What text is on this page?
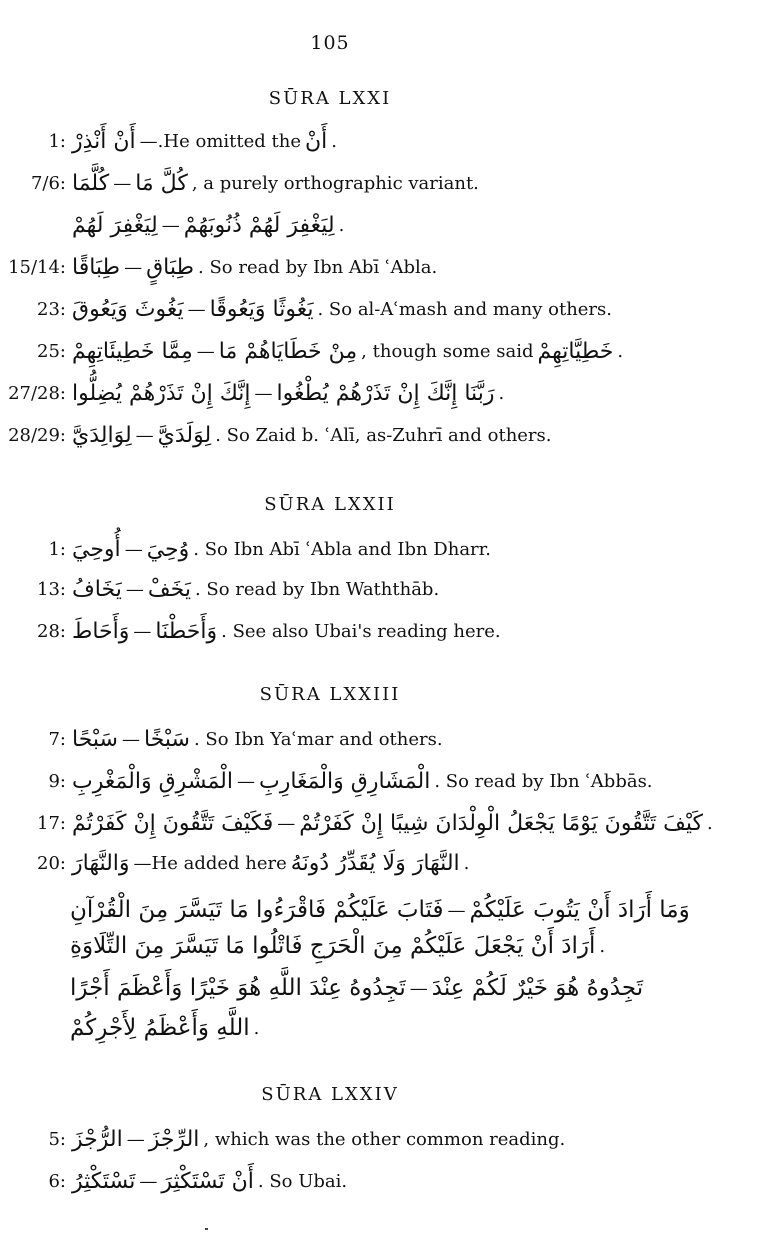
105
SŪRA LXXI
1: أَنْ أَنْذِرْ —. He omitted the أَنْ .
7/6: كُلَّمَا — كُلَّ مَا , a purely orthographic variant.
لِيَغْفِرَ لَهُمْ — لِيَغْفِرَ لَهُمْ ذُنُوبَهُمْ .
15/14: طِبَاقًا — طِبَاقٍ . So read by Ibn Abī ʿAbla.
23: يَغُوثَ وَيَعُوقَ — يَغُوثًا وَيَعُوقًا . So al-Aʿmash and many others.
25: مِمَّا خَطِيئَاتِهِمْ — مِنْ خَطَايَاهُمْ مَا , though some said خَطِيَّاتِهِمْ .
27/28: إِنَّكَ إِنْ تَذَرْهُمْ يُضِلُّوا — رَبَّنَا إِنَّكَ إِنْ تَذَرْهُمْ يُطْغُوا .
28/29: لِوَالِدَيَّ — لِوَلَدَيَّ . So Zaid b. ʿAlī, as-Zuhrī and others.
SŪRA LXXII
1: أُوحِيَ — وُحِيَ . So Ibn Abī ʿAbla and Ibn Dharr.
13: يَخَافُ — يَخَفْ . So read by Ibn Waththāb.
28: وَأَحَاطَ — وَأَحَطْنَا . See also Ubai's reading here.
SŪRA LXXIII
7: سَبْحًا — سَبْخًا . So Ibn Yaʿmar and others.
9: الْمَشْرِقِ وَالْمَغْرِبِ — الْمَشَارِقِ وَالْمَغَارِبِ . So read by Ibn ʿAbbās.
17: فَكَيْفَ تَتَّقُونَ إِنْ كَفَرْتُمْ — كَيْفَ تَتَّقُونَ يَوْمًا يَجْعَلُ الْوِلْدَانَ شِيبًا إِنْ كَفَرْتُمْ .
20: وَالنَّهَارَ — He added here النَّهَارَ وَلَا يُقَدِّرُ دُونَهُ .
فَتَابَ عَلَيْكُمْ فَاقْرَءُوا مَا تَيَسَّرَ مِنَ الْقُرْآنِ — وَمَا أَرَادَ أَنْ يَتُوبَ عَلَيْكُمْ
أَرَادَ أَنْ يَجْعَلَ عَلَيْكُمْ مِنَ الْحَرَجِ فَاتْلُوا مَا تَيَسَّرَ مِنَ التِّلَاوَةِ .
تَجِدُوهُ عِنْدَ اللَّهِ هُوَ خَيْرًا وَأَعْظَمَ أَجْرًا — تَجِدُوهُ هُوَ خَيْرٌ لَكُمْ عِنْدَ
اللَّهِ وَأَعْظَمُ لِأَجْرِكُمْ .
SŪRA LXXIV
5: الرُّجْزَ — الرِّجْزَ , which was the other common reading.
6: تَسْتَكْثِرُ — أَنْ تَسْتَكْثِرَ . So Ubai.
